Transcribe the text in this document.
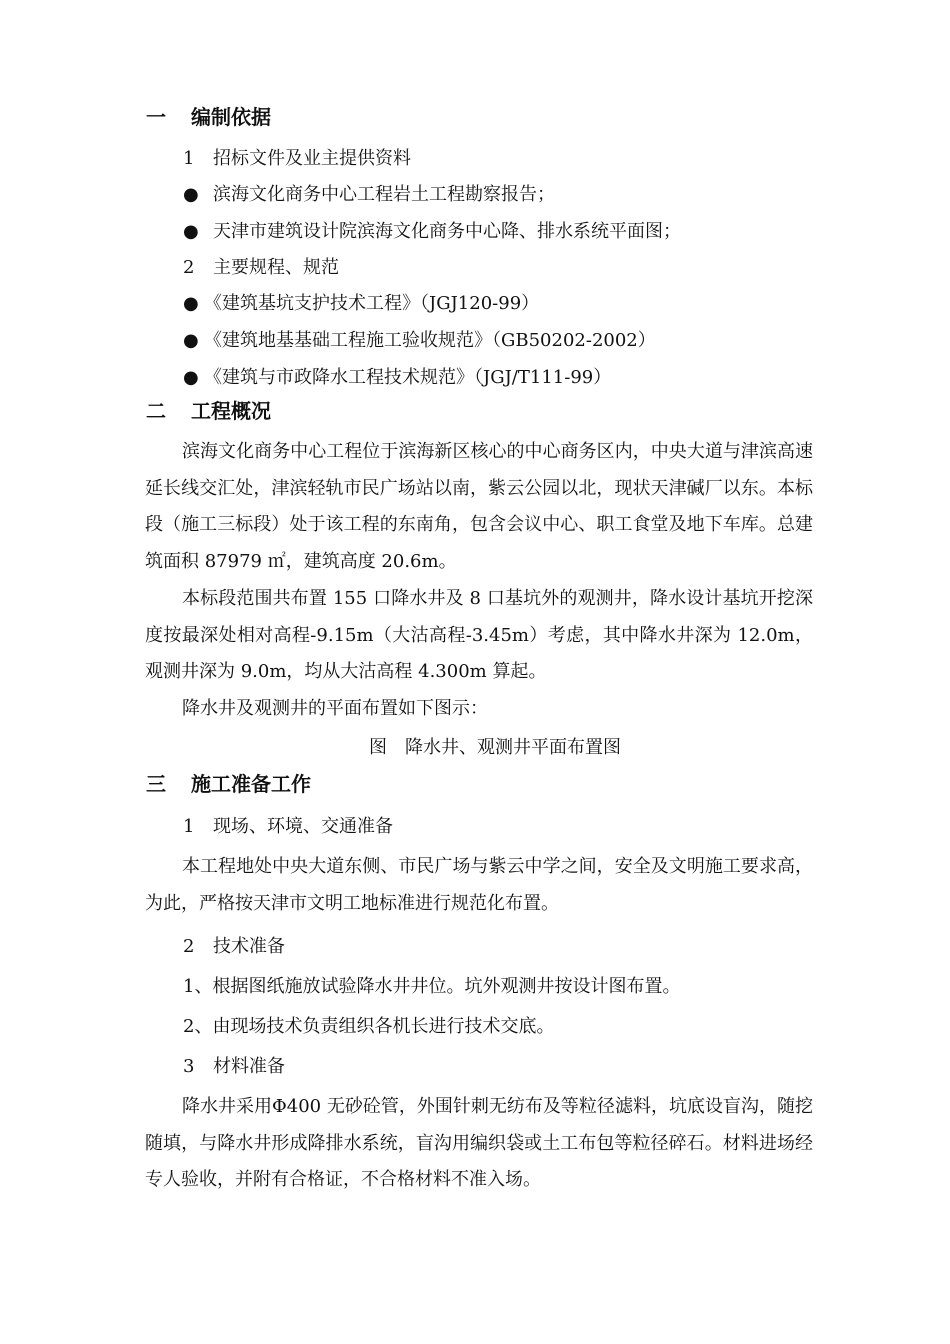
一 编制依据
1 招标文件及业主提供资料
● 滨海文化商务中心工程岩土工程勘察报告；
● 天津市建筑设计院滨海文化商务中心降、排水系统平面图；
2 主要规程、规范
● 《建筑基坑支护技术工程》（JGJ120-99）
● 《建筑地基基础工程施工验收规范》（GB50202-2002）
● 《建筑与市政降水工程技术规范》（JGJ/T111-99）
二 工程概况
滨海文化商务中心工程位于滨海新区核心的中心商务区内，中央大道与津滨高速延长线交汇处，津滨轻轨市民广场站以南，紫云公园以北，现状天津碱厂以东。本标段（施工三标段）处于该工程的东南角，包含会议中心、职工食堂及地下车库。总建筑面积 87979 ㎡，建筑高度 20.6m。
本标段范围共布置 155 口降水井及 8 口基坑外的观测井，降水设计基坑开挖深度按最深处相对高程-9.15m（大沽高程-3.45m）考虑，其中降水井深为 12.0m，观测井深为 9.0m，均从大沽高程 4.300m 算起。
降水井及观测井的平面布置如下图示：
图　降水井、观测井平面布置图
三 施工准备工作
1 现场、环境、交通准备
本工程地处中央大道东侧、市民广场与紫云中学之间，安全及文明施工要求高，为此，严格按天津市文明工地标准进行规范化布置。
2 技术准备
1、根据图纸施放试验降水井井位。坑外观测井按设计图布置。
2、由现场技术负责组织各机长进行技术交底。
3 材料准备
降水井采用Φ400 无砂砼管，外围针刺无纺布及等粒径滤料，坑底设盲沟，随挖随填，与降水井形成降排水系统，盲沟用编织袋或土工布包等粒径碎石。材料进场经专人验收，并附有合格证，不合格材料不准入场。
